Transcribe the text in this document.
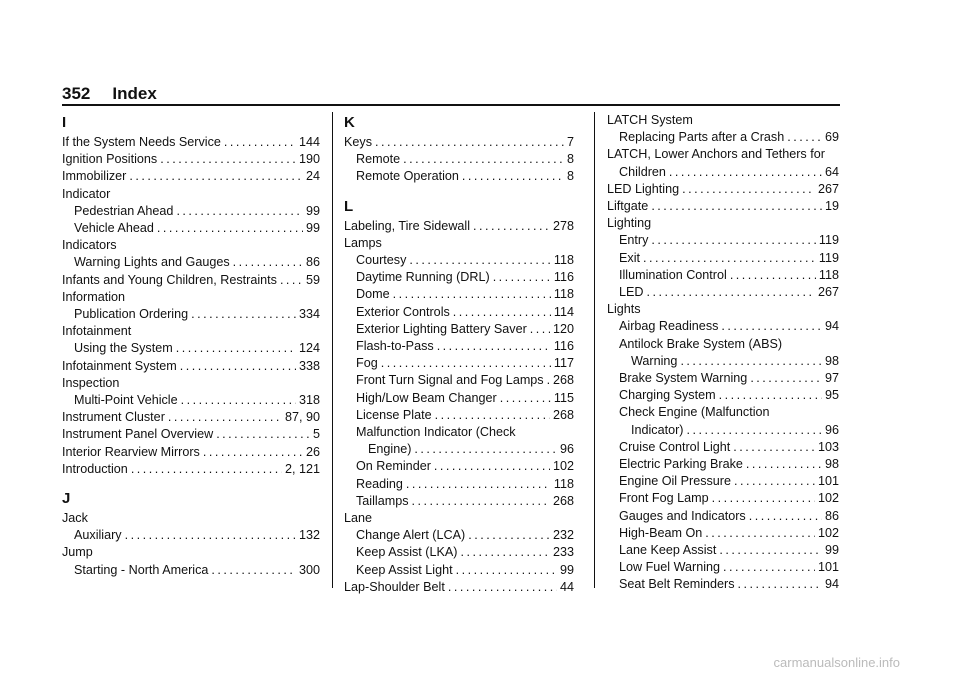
352 Index
I
If the System Needs Service .....	144
Ignition Positions .....	190
Immobilizer .....	24
Indicator
Pedestrian Ahead .....	99
Vehicle Ahead .....	99
Indicators
Warning Lights and Gauges .....	86
Infants and Young Children, Restraints ..... 59
Information
Publication Ordering .....	334
Infotainment
Using the System .....	124
Infotainment System .....	338
Inspection
Multi-Point Vehicle .....	318
Instrument Cluster .....	87, 90
Instrument Panel Overview .....	5
Interior Rearview Mirrors .....	26
Introduction .....	2, 121
J
Jack
Auxiliary .....	132
Jump
Starting - North America .....	300
K
Keys .....	7
Remote .....	8
Remote Operation .....	8
L
Labeling, Tire Sidewall .....	278
Lamps
Courtesy .....	118
Daytime Running (DRL) .....	116
Dome .....	118
Exterior Controls .....	114
Exterior Lighting Battery Saver ..... 120
Flash-to-Pass .....	116
Fog .....	117
Front Turn Signal and Fog Lamps ..... 268
High/Low Beam Changer .....	115
License Plate .....	268
Malfunction Indicator (Check
Engine) .....	96
On Reminder .....	102
Reading .....	118
Taillamps .....	268
Lane
Change Alert (LCA) .....	232
Keep Assist (LKA) .....	233
Keep Assist Light .....	99
Lap-Shoulder Belt .....	44
LATCH System
Replacing Parts after a Crash .....	69
LATCH, Lower Anchors and Tethers for
Children .....	64
LED Lighting .....	267
Liftgate .....	19
Lighting
Entry .....	119
Exit .....	119
Illumination Control .....	118
LED .....	267
Lights
Airbag Readiness .....	94
Antilock Brake System (ABS)
Warning .....	98
Brake System Warning .....	97
Charging System .....	95
Check Engine (Malfunction
Indicator) .....	96
Cruise Control Light .....	103
Electric Parking Brake .....	98
Engine Oil Pressure .....	101
Front Fog Lamp .....	102
Gauges and Indicators .....	86
High-Beam On .....	102
Lane Keep Assist .....	99
Low Fuel Warning .....	101
Seat Belt Reminders .....	94
carmanualsonline.info
